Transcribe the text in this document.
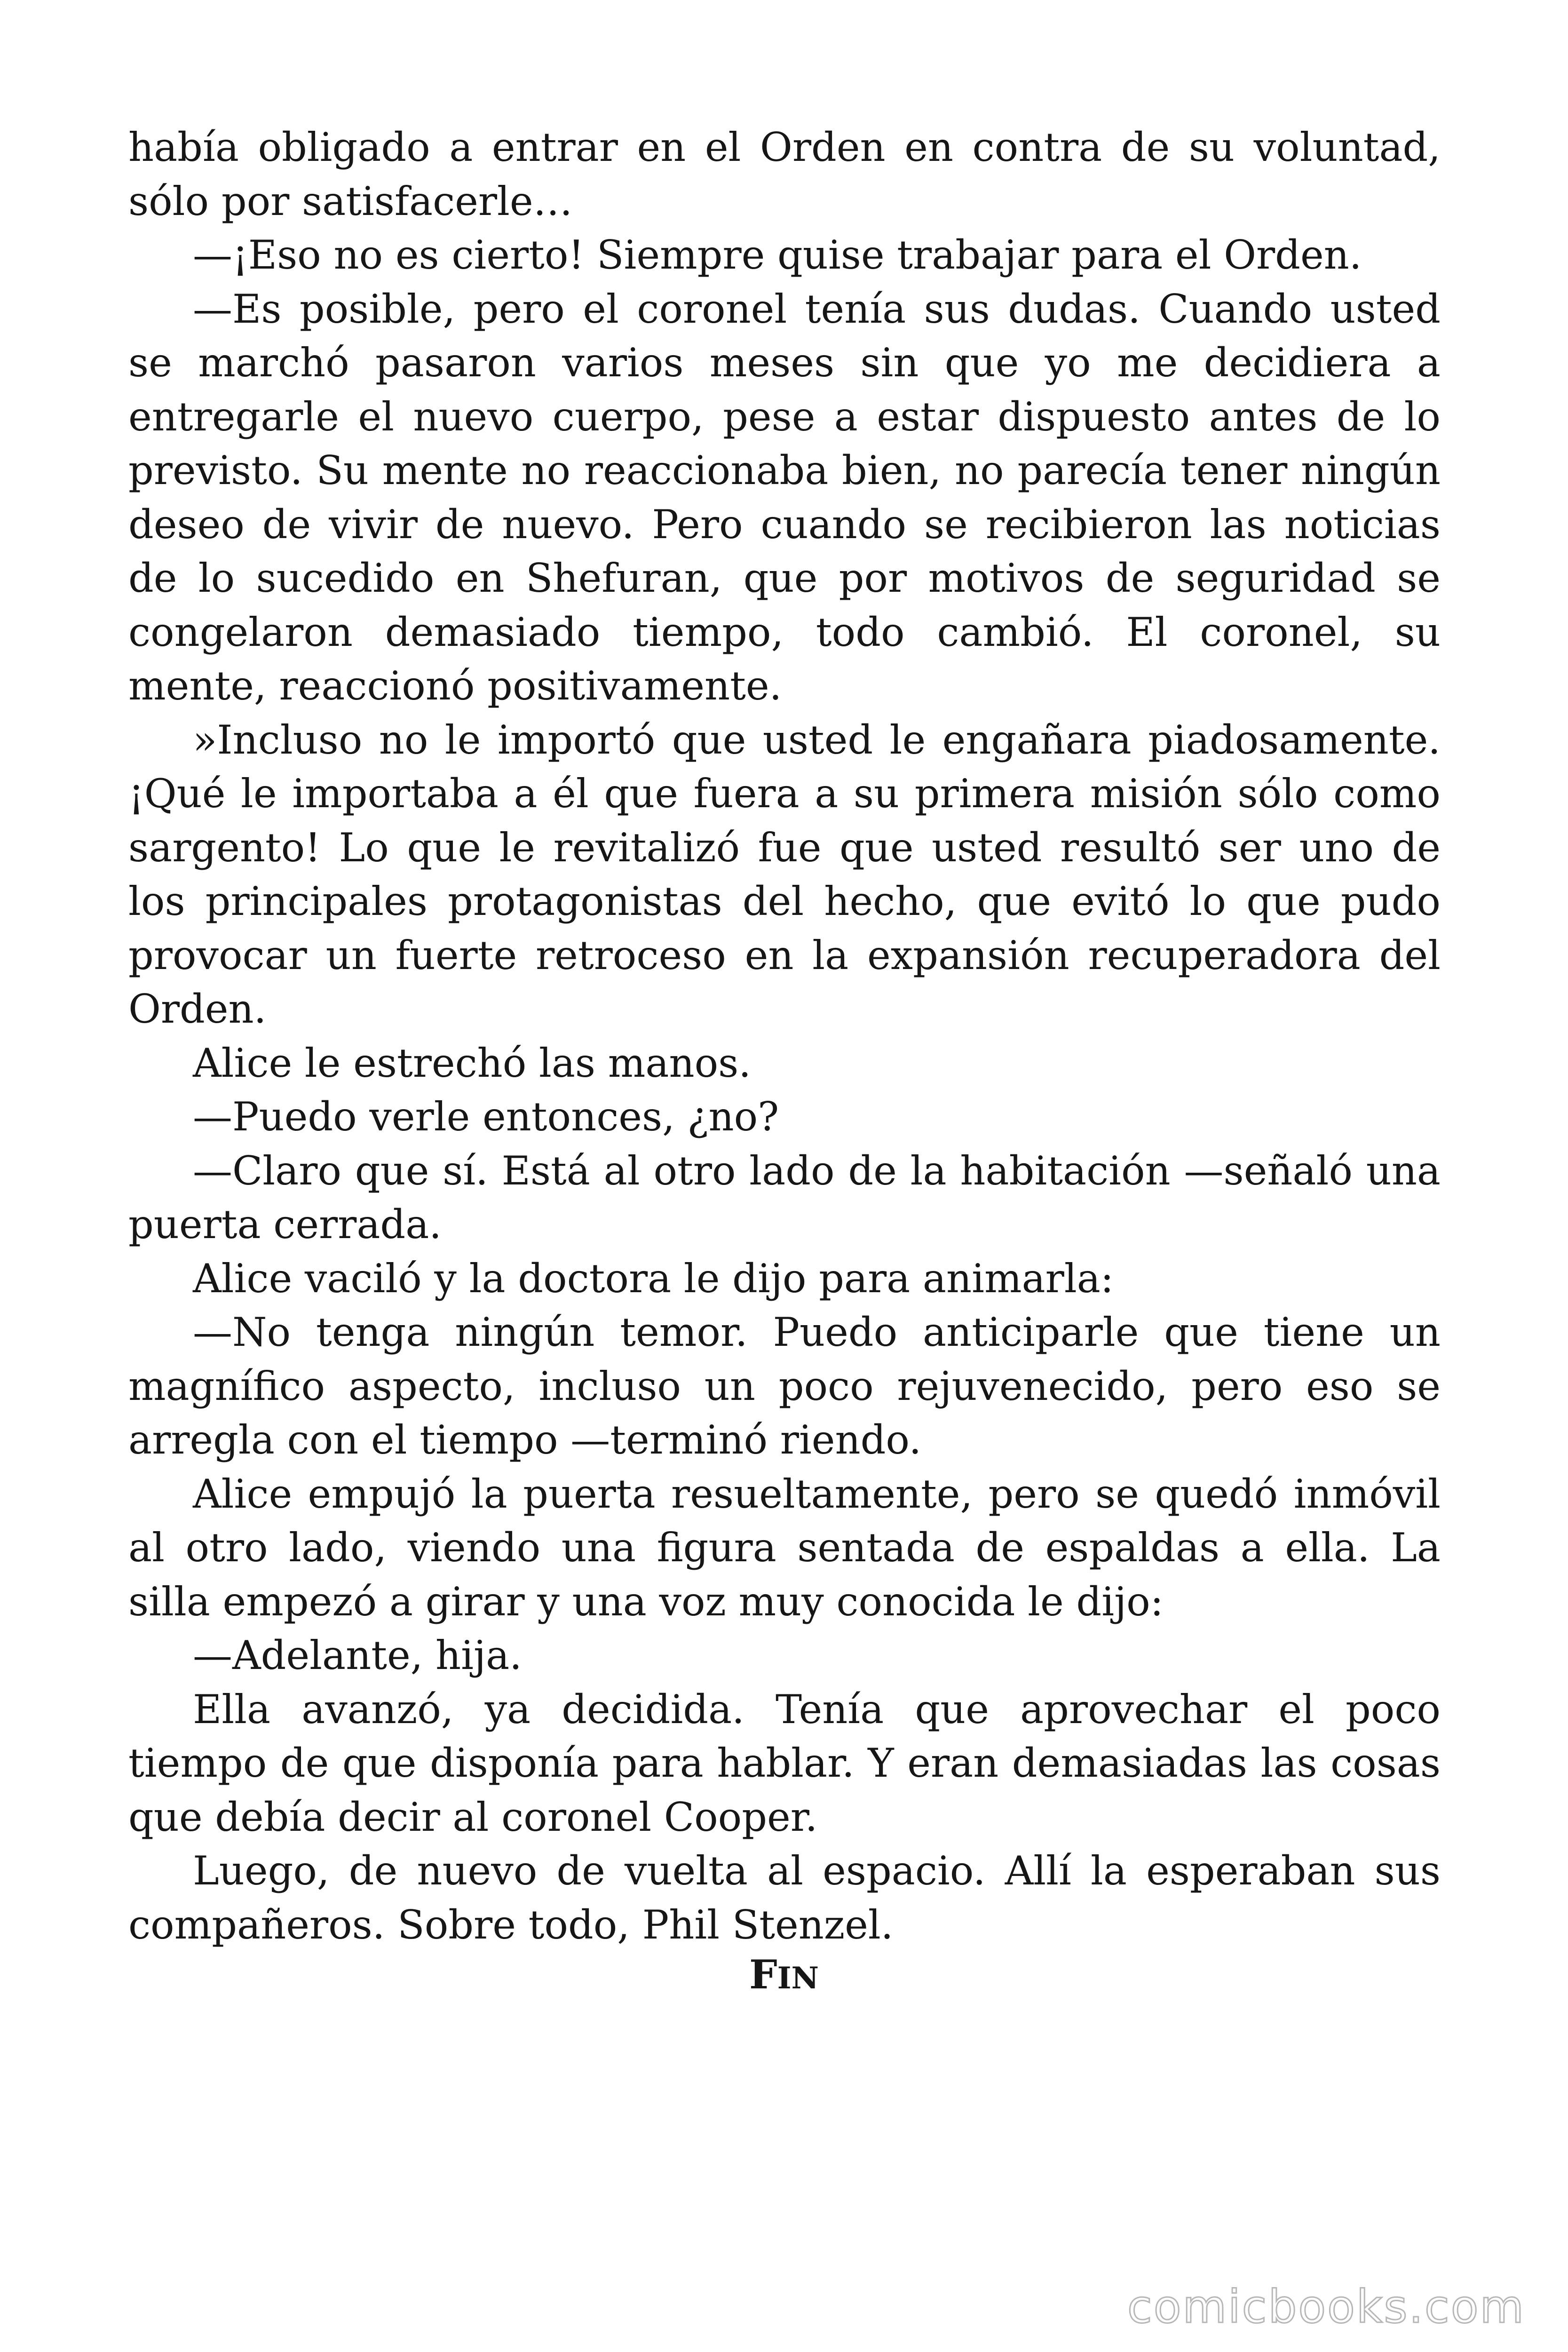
había obligado a entrar en el Orden en contra de su voluntad, sólo por satisfacerle…

—¡Eso no es cierto! Siempre quise trabajar para el Orden.

—Es posible, pero el coronel tenía sus dudas. Cuando usted se marchó pasaron varios meses sin que yo me decidiera a entregarle el nuevo cuerpo, pese a estar dispuesto antes de lo previsto. Su mente no reaccionaba bien, no parecía tener ningún deseo de vivir de nuevo. Pero cuando se recibieron las noticias de lo sucedido en Shefuran, que por motivos de seguridad se congelaron demasiado tiempo, todo cambió. El coronel, su mente, reaccionó positivamente.

»Incluso no le importó que usted le engañara piadosamente. ¡Qué le importaba a él que fuera a su primera misión sólo como sargento! Lo que le revitalizó fue que usted resultó ser uno de los principales protagonistas del hecho, que evitó lo que pudo provocar un fuerte retroceso en la expansión recuperadora del Orden.

Alice le estrechó las manos.

—Puedo verle entonces, ¿no?

—Claro que sí. Está al otro lado de la habitación —señaló una puerta cerrada.

Alice vaciló y la doctora le dijo para animarla:

—No tenga ningún temor. Puedo anticiparle que tiene un magnífico aspecto, incluso un poco rejuvenecido, pero eso se arregla con el tiempo —terminó riendo.

Alice empujó la puerta resueltamente, pero se quedó inmóvil al otro lado, viendo una figura sentada de espaldas a ella. La silla empezó a girar y una voz muy conocida le dijo:

—Adelante, hija.

Ella avanzó, ya decidida. Tenía que aprovechar el poco tiempo de que disponía para hablar. Y eran demasiadas las cosas que debía decir al coronel Cooper.

Luego, de nuevo de vuelta al espacio. Allí la esperaban sus compañeros. Sobre todo, Phil Stenzel.

FIN
comicbooks.com
